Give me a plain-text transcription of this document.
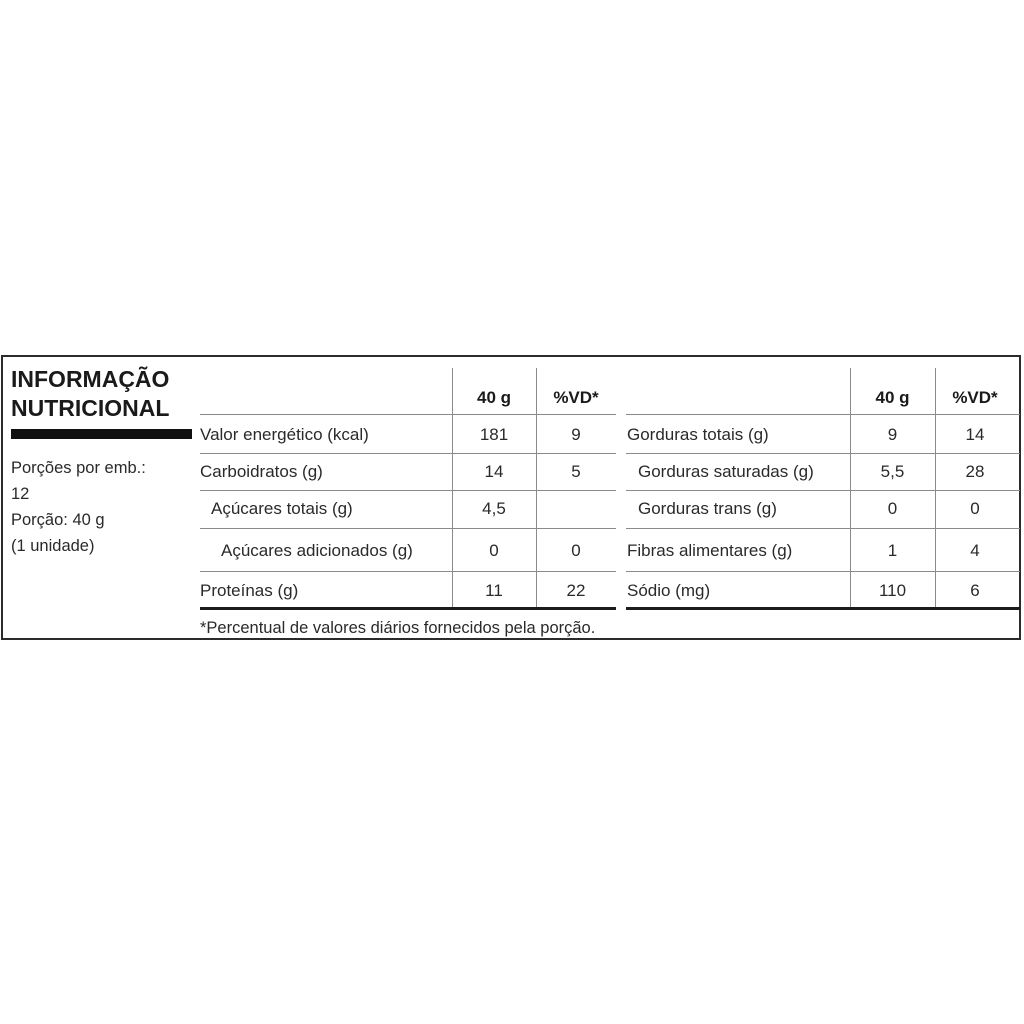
INFORMAÇÃO
NUTRICIONAL
Porções por emb.:
12
Porção: 40 g
(1 unidade)
40 g	%VD*	40 g	%VD*
Valor energético (kcal)	181	9
Carboidratos (g)	14	5
Açúcares totais (g)	4,5
Açúcares adicionados (g)	0	0
Proteínas (g)	11	22
Gorduras totais (g)	9	14
Gorduras saturadas (g)	5,5	28
Gorduras trans (g)	0	0
Fibras alimentares (g)	1	4
Sódio (mg)	110	6
*Percentual de valores diários fornecidos pela porção.
